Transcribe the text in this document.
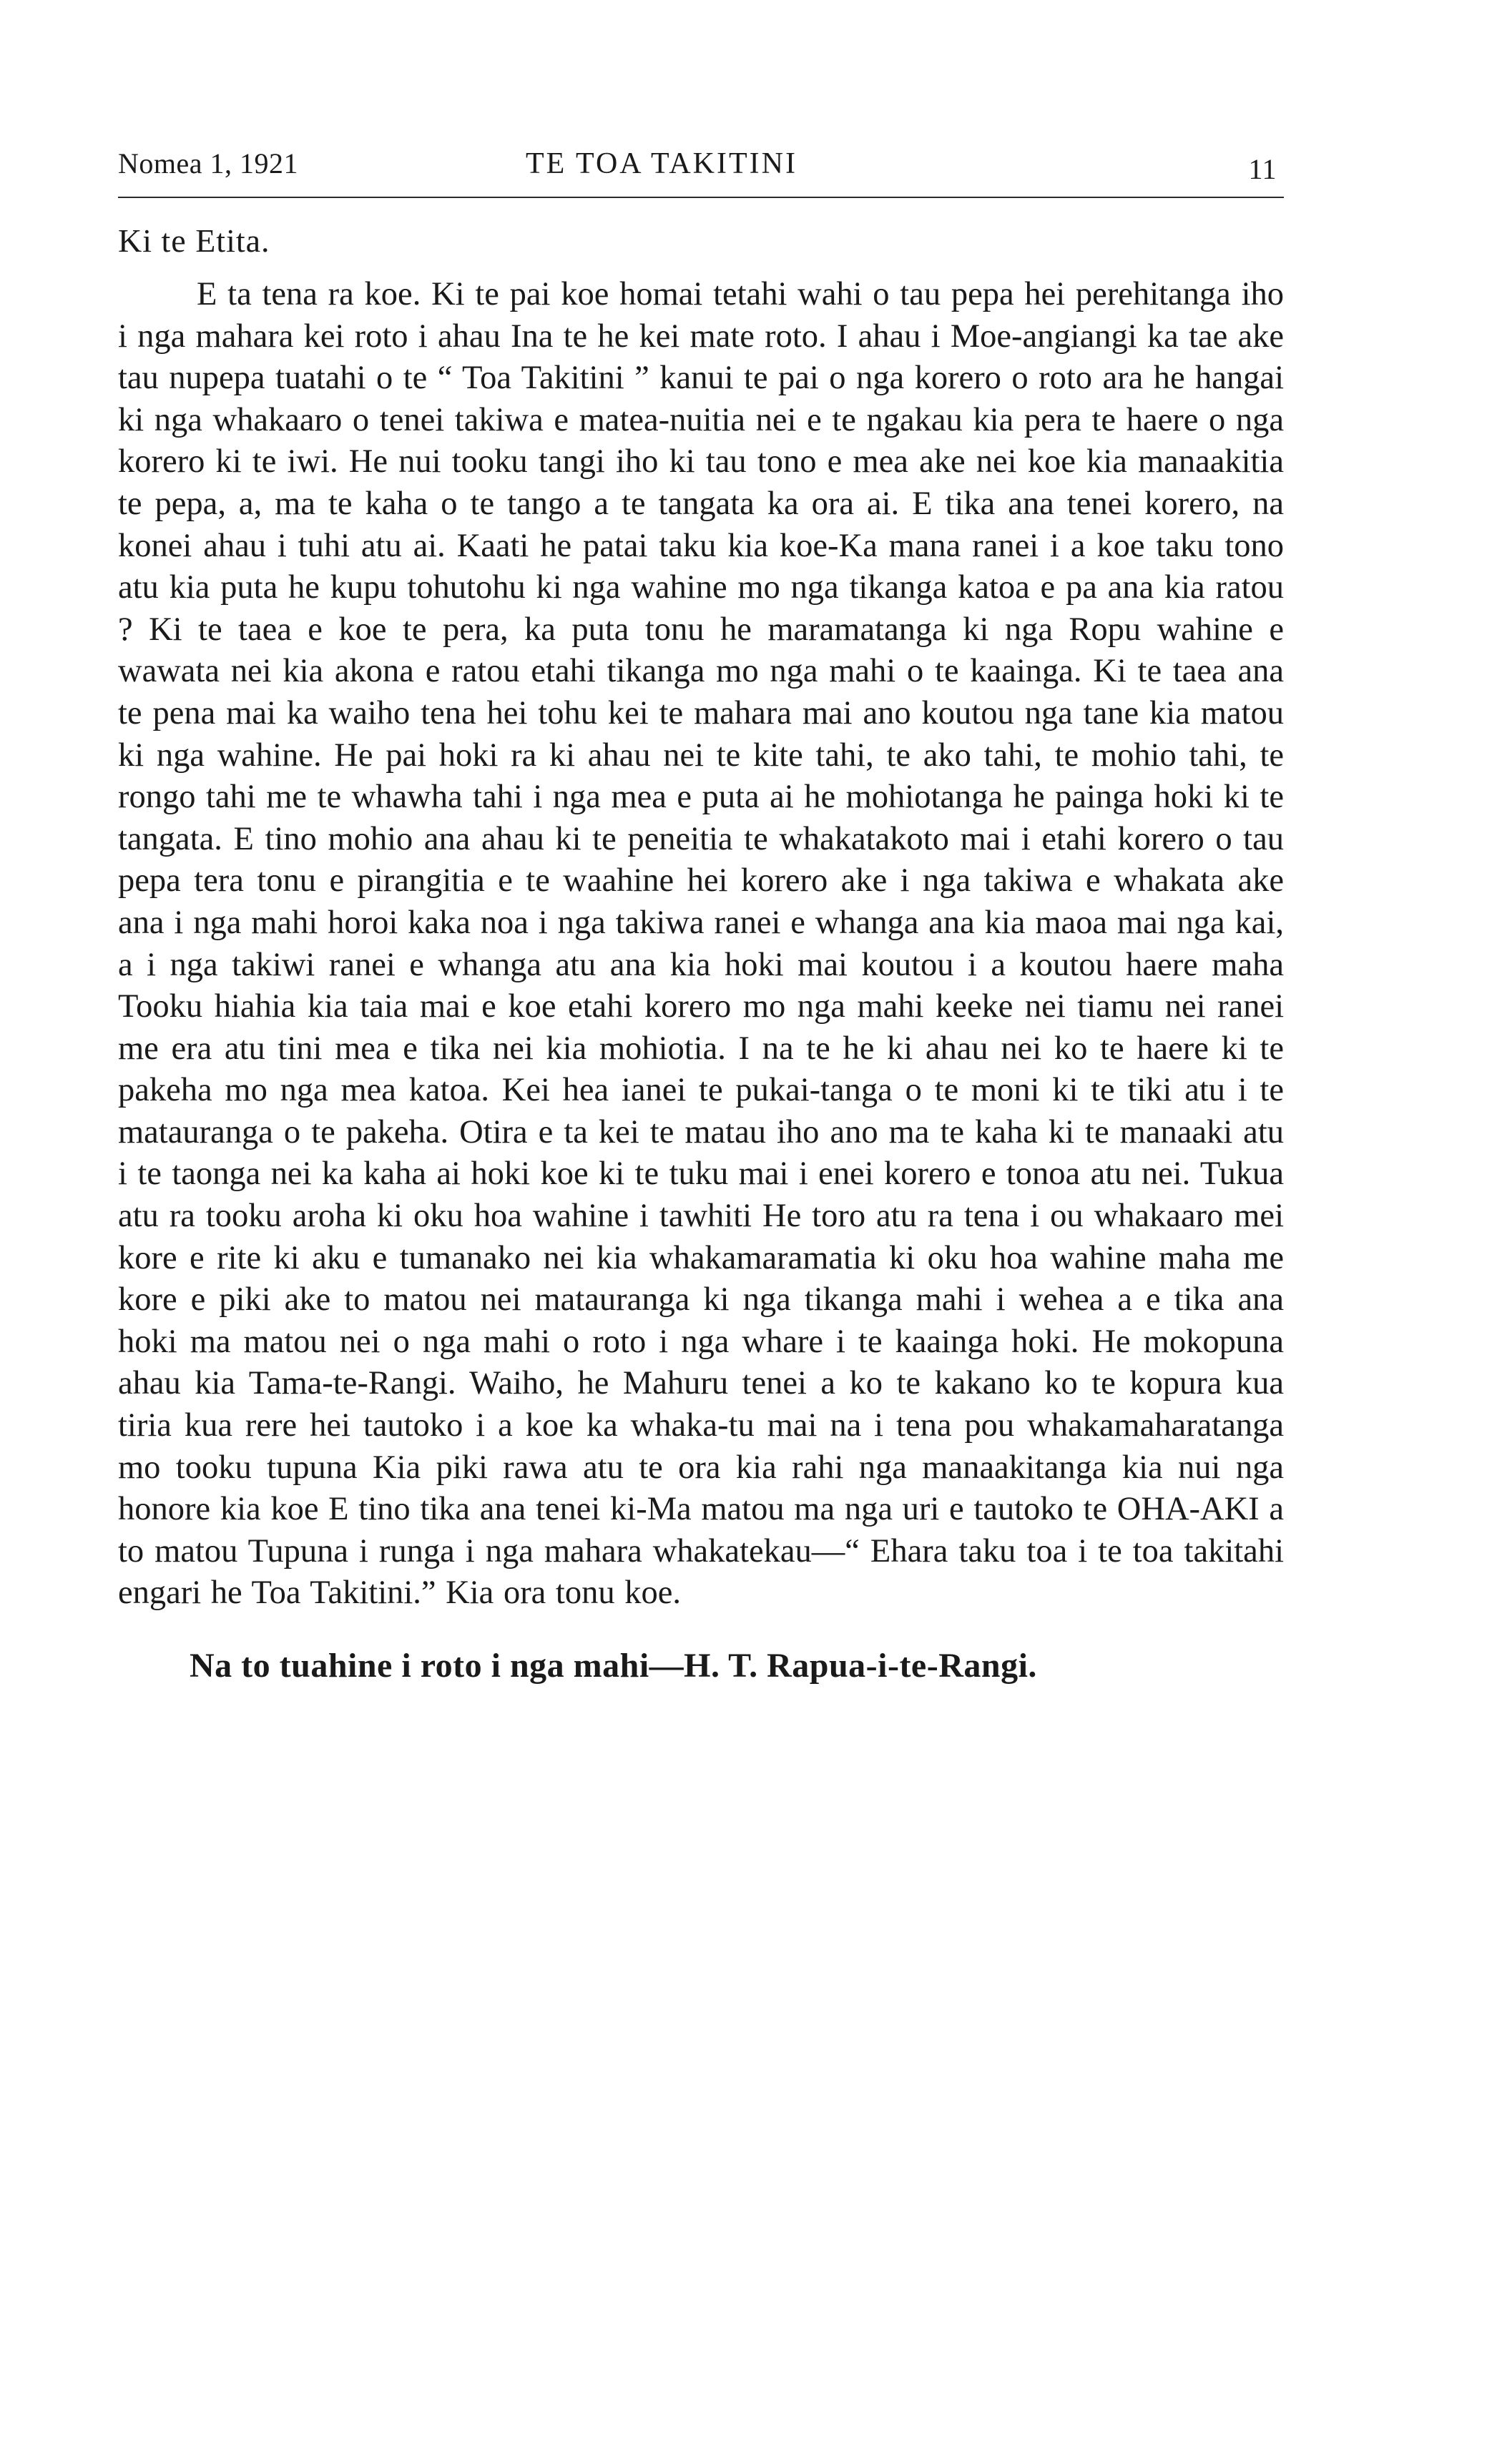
Nomea 1, 1921	TE TOA TAKITINI	11
Ki te Etita.

E ta tena ra koe. Ki te pai koe homai tetahi wahi o tau pepa hei perehitanga iho i nga mahara kei roto i ahau Ina te he kei mate roto. I ahau i Moe-angiangi ka tae ake tau nupepa tuatahi o te “ Toa Takitini ” kanui te pai o nga korero o roto ara he hangai ki nga whakaaro o tenei takiwa e matea-nuitia nei e te ngakau kia pera te haere o nga korero ki te iwi. He nui tooku tangi iho ki tau tono e mea ake nei koe kia manaakitia te pepa, a, ma te kaha o te tango a te tangata ka ora ai. E tika ana tenei korero, na konei ahau i tuhi atu ai. Kaati he patai taku kia koe-Ka mana ranei i a koe taku tono atu kia puta he kupu tohutohu ki nga wahine mo nga tikanga katoa e pa ana kia ratou ? Ki te taea e koe te pera, ka puta tonu he maramatanga ki nga Ropu wahine e wawata nei kia akona e ratou etahi tikanga mo nga mahi o te kaainga. Ki te taea ana te pena mai ka waiho tena hei tohu kei te mahara mai ano koutou nga tane kia matou ki nga wahine. He pai hoki ra ki ahau nei te kite tahi, te ako tahi, te mohio tahi, te rongo tahi me te whawha tahi i nga mea e puta ai he mohiotanga he painga hoki ki te tangata. E tino mohio ana ahau ki te peneitia te whakatakoto mai i etahi korero o tau pepa tera tonu e pirangitia e te waahine hei korero ake i nga takiwa e whakata ake ana i nga mahi horoi kaka noa i nga takiwa ranei e whanga ana kia maoa mai nga kai, a i nga takiwi ranei e whanga atu ana kia hoki mai koutou i a koutou haere maha Tooku hiahia kia taia mai e koe etahi korero mo nga mahi keeke nei tiamu nei ranei me era atu tini mea e tika nei kia mohiotia. I na te he ki ahau nei ko te haere ki te pakeha mo nga mea katoa. Kei hea ianei te pukai-tanga o te moni ki te tiki atu i te matauranga o te pakeha. Otira e ta kei te matau iho ano ma te kaha ki te manaaki atu i te taonga nei ka kaha ai hoki koe ki te tuku mai i enei korero e tonoa atu nei. Tukua atu ra tooku aroha ki oku hoa wahine i tawhiti He toro atu ra tena i ou whakaaro mei kore e rite ki aku e tumanako nei kia whakamaramatia ki oku hoa wahine maha me kore e piki ake to matou nei matauranga ki nga tikanga mahi i wehea a e tika ana hoki ma matou nei o nga mahi o roto i nga whare i te kaainga hoki. He mokopuna ahau kia Tama-te-Rangi. Waiho, he Mahuru tenei a ko te kakano ko te kopura kua tiria kua rere hei tautoko i a koe ka whaka-tu mai na i tena pou whakamaharatanga mo tooku tupuna Kia piki rawa atu te ora kia rahi nga manaakitanga kia nui nga honore kia koe E tino tika ana tenei ki-Ma matou ma nga uri e tautoko te OHA-AKI a to matou Tupuna i runga i nga mahara whakatekau—“ Ehara taku toa i te toa takitahi engari he Toa Takitini.” Kia ora tonu koe.

Na to tuahine i roto i nga mahi—H. T. Rapua-i-te-Rangi.
